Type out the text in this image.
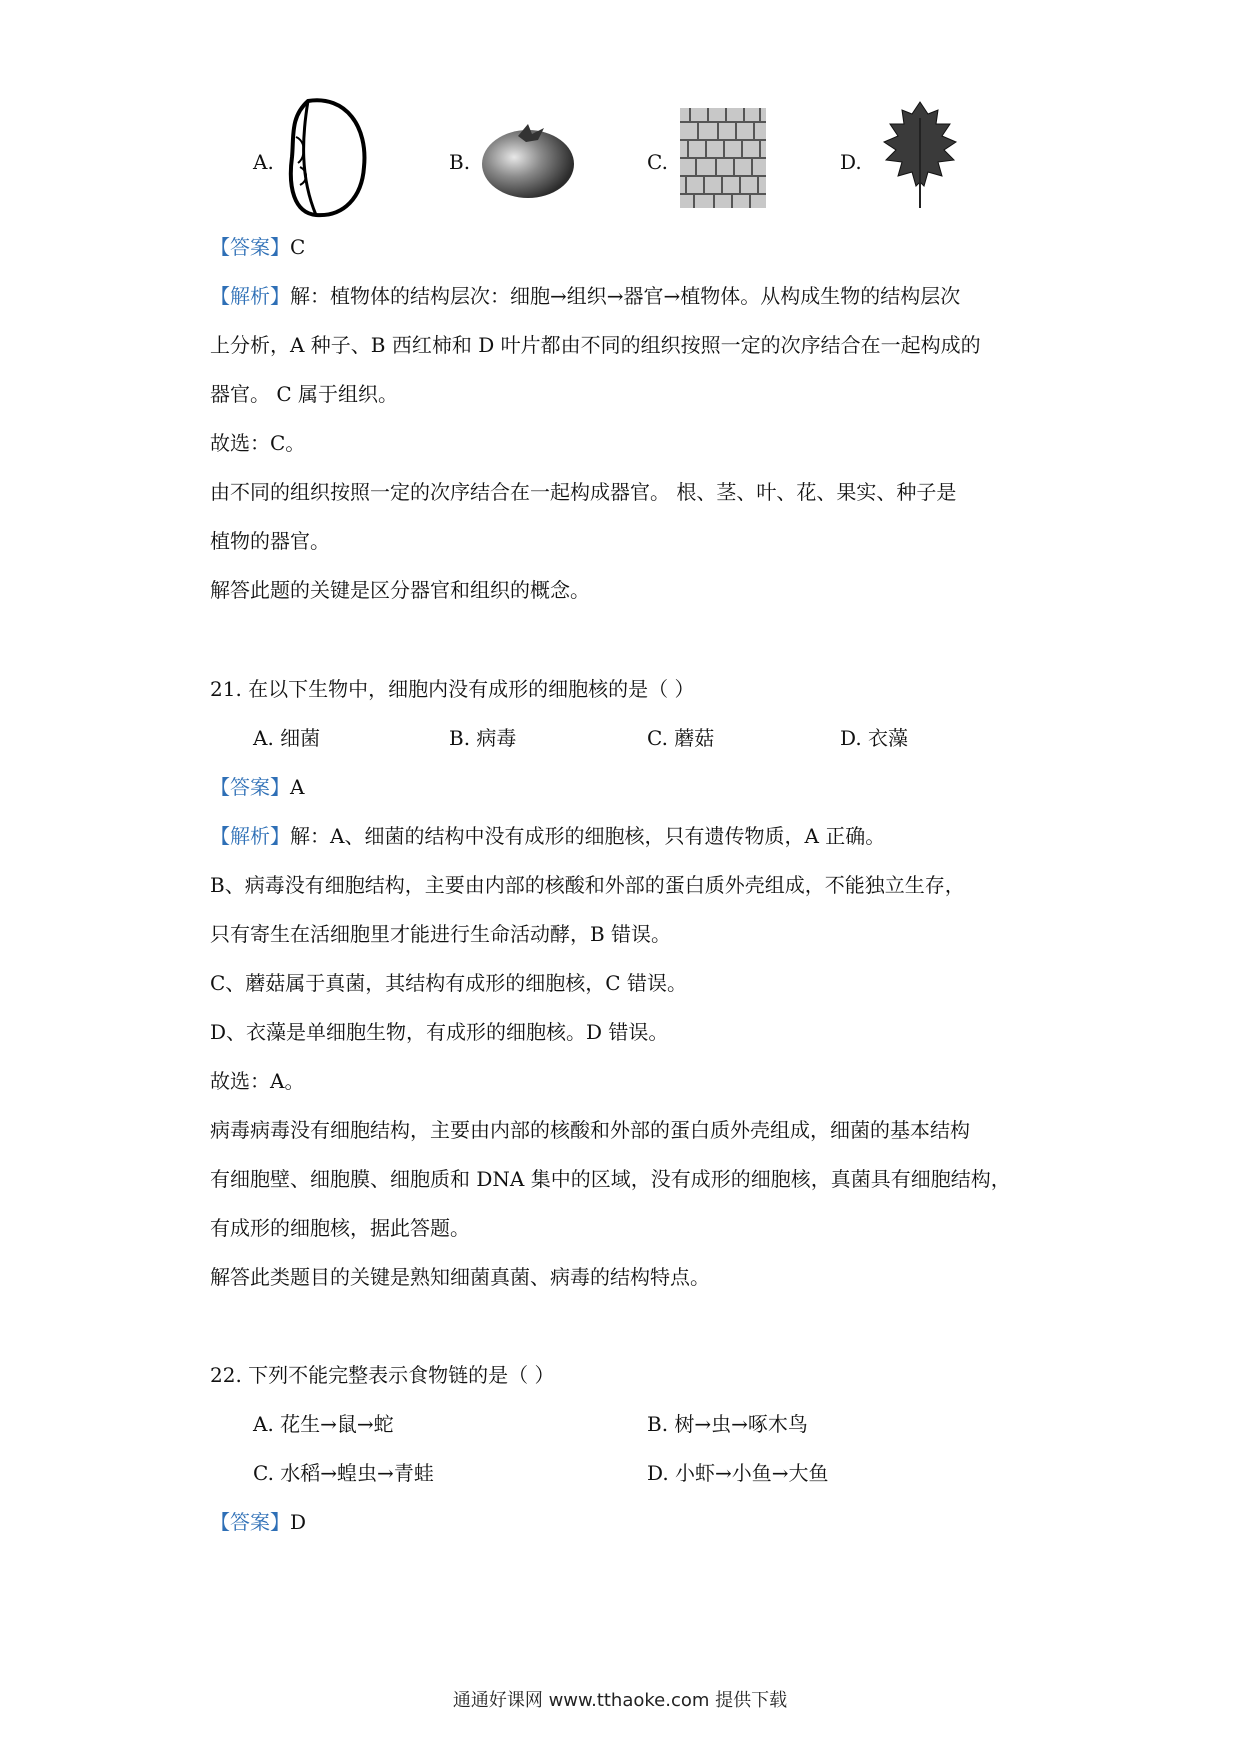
A.	B.	C.	D.
【答案】C
【解析】解：植物体的结构层次：细胞→组织→器官→植物体。从构成生物的结构层次
上分析，A 种子、B 西红柿和 D 叶片都由不同的组织按照一定的次序结合在一起构成的
器官。 C 属于组织。
故选：C。
由不同的组织按照一定的次序结合在一起构成器官。 根、茎、叶、花、果实、种子是
植物的器官。
解答此题的关键是区分器官和组织的概念。
21. 在以下生物中，细胞内没有成形的细胞核的是（ ）
A. 细菌	B. 病毒	C. 蘑菇	D. 衣藻
【答案】A
【解析】解：A、细菌的结构中没有成形的细胞核，只有遗传物质，A 正确。
B、病毒没有细胞结构，主要由内部的核酸和外部的蛋白质外壳组成，不能独立生存，
只有寄生在活细胞里才能进行生命活动酵，B 错误。
C、蘑菇属于真菌，其结构有成形的细胞核，C 错误。
D、衣藻是单细胞生物，有成形的细胞核。D 错误。
故选：A。
病毒病毒没有细胞结构，主要由内部的核酸和外部的蛋白质外壳组成，细菌的基本结构
有细胞壁、细胞膜、细胞质和 DNA 集中的区域，没有成形的细胞核，真菌具有细胞结构，
有成形的细胞核，据此答题。
解答此类题目的关键是熟知细菌真菌、病毒的结构特点。
22. 下列不能完整表示食物链的是（ ）
A. 花生→鼠→蛇	B. 树→虫→啄木鸟
C. 水稻→蝗虫→青蛙	D. 小虾→小鱼→大鱼
【答案】D
通通好课网 www.tthaoke.com 提供下载
